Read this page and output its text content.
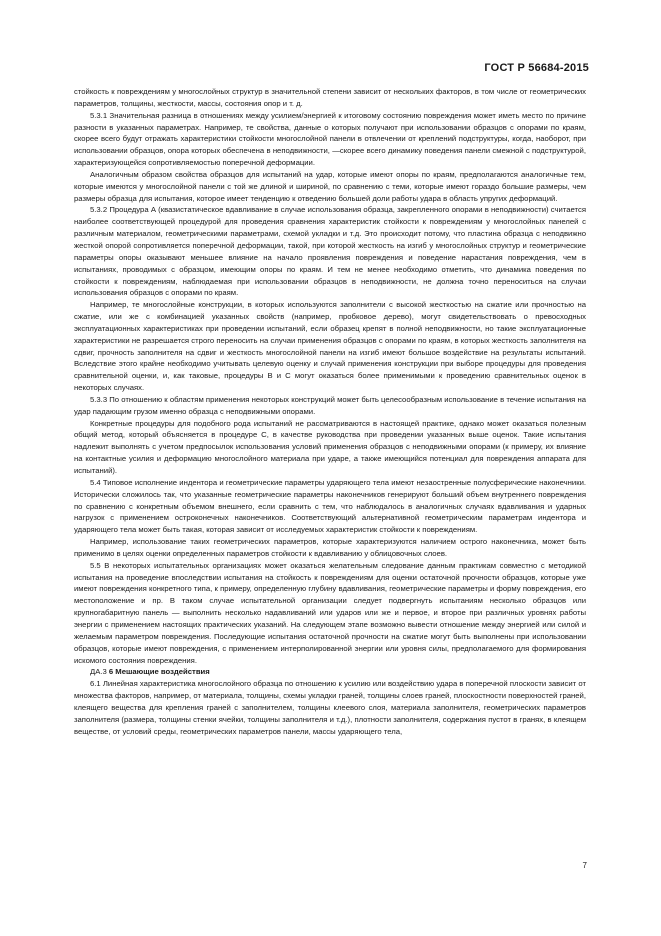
ГОСТ Р 56684-2015

стойкость к повреждениям у многослойных структур в значительной степени зависит от нескольких факторов, в том числе от геометрических параметров, толщины, жесткости, массы, состояния опор и т. д.

5.3.1 Значительная разница в отношениях между усилием/энергией к итоговому состоянию повреждения может иметь место по причине разности в указанных параметрах. Например, те свойства, данные о которых получают при использовании образцов с опорами по краям, скорее всего будут отражать характеристики стойкости многослойной панели в отвлечении от креплений подструктуры, когда, наоборот, при использовании образцов, опора которых обеспечена в неподвижности, —скорее всего динамику поведения панели смежной с подструктурой, характеризующейся сопротивляемостью поперечной деформации.

Аналогичным образом свойства образцов для испытаний на удар, которые имеют опоры по краям, предполагаются аналогичные тем, которые имеются у многослойной панели с той же длиной и шириной, по сравнению с теми, которые имеют гораздо большие размеры, чем размеры образца для испытания, которое имеет тенденцию к отведению большей доли работы удара в область упругих деформаций.

5.3.2 Процедура А (квазистатическое вдавливание в случае использования образца, закрепленного опорами в неподвижности) считается наиболее соответствующей процедурой для проведения сравнения характеристик стойкости к повреждениям у многослойных панелей с различным материалом, геометрическими параметрами, схемой укладки и т.д. Это происходит потому, что пластина образца с неподвижно жесткой опорой сопротивляется поперечной деформации, такой, при которой жесткость на изгиб у многослойных структур и геометрические параметры опоры оказывают меньшее влияние на начало проявления повреждения и поведение нарастания повреждения, чем в испытаниях, проводимых с образцом, имеющим опоры по краям. И тем не менее необходимо отметить, что динамика поведения по стойкости к повреждениям, наблюдаемая при использовании образцов в неподвижности, не должна точно переноситься на случаи использования образцов с опорами по краям.

Например, те многослойные конструкции, в которых используются заполнители с высокой жесткостью на сжатие или прочностью на сжатие, или же с комбинацией указанных свойств (например, пробковое дерево), могут свидетельствовать о превосходных эксплуатационных характеристиках при проведении испытаний, если образец крепят в полной неподвижности, но такие эксплуатационные характеристики не разрешается строго переносить на случаи применения образцов с опорами по краям, в которых жесткость заполнителя на сдвиг, прочность заполнителя на сдвиг и жесткость многослойной панели на изгиб имеют большое воздействие на результаты испытаний. Вследствие этого крайне необходимо учитывать целевую оценку и случай применения конструкции при выборе процедуры для проведения сравнительной оценки, и, как таковые, процедуры В и С могут оказаться более применимыми к проведению сравнительных оценок в некоторых случаях.

5.3.3 По отношению к областям применения некоторых конструкций может быть целесообразным использование в течение испытания на удар падающим грузом именно образца с неподвижными опорами.

Конкретные процедуры для подобного рода испытаний не рассматриваются в настоящей практике, однако может оказаться полезным общий метод, который объясняется в процедуре С, в качестве руководства при проведении указанных выше оценок. Такие испытания надлежит выполнять с учетом предпосылок использования условий применения образцов с неподвижными опорами (к примеру, их влияние на контактные усилия и деформацию многослойного материала при ударе, а также имеющийся потенциал для повреждения аппарата для испытаний).

5.4 Типовое исполнение индентора и геометрические параметры ударяющего тела имеют незаостренные полусферические наконечники. Исторически сложилось так, что указанные геометрические параметры наконечников генерируют больший объем внутреннего повреждения по сравнению с конкретным объемом внешнего, если сравнить с тем, что наблюдалось в аналогичных случаях вдавливания и ударных нагрузок с применением остроконечных наконечников. Соответствующий альтернативной геометрическим параметрам индентора и ударяющего тела может быть такая, которая зависит от исследуемых характеристик стойкости к повреждениям.

Например, использование таких геометрических параметров, которые характеризуются наличием острого наконечника, может быть применимо в целях оценки определенных параметров стойкости к вдавливанию у облицовочных слоев.

5.5 В некоторых испытательных организациях может оказаться желательным следование данным практикам совместно с методикой испытания на проведение впоследствии испытания на стойкость к повреждениям для оценки остаточной прочности образцов, которые уже имеют повреждения конкретного типа, к примеру, определенную глубину вдавливания, геометрические параметры и форму повреждения, его местоположение и пр. В таком случае испытательной организации следует подвергнуть испытаниям несколько образцов или крупногабаритную панель — выполнить несколько надавливаний или ударов или же и первое, и второе при различных уровнях работы энергии с применением настоящих практических указаний. На следующем этапе возможно вывести отношение между энергией или силой и желаемым параметром повреждения. Последующие испытания остаточной прочности на сжатие могут быть выполнены при использовании образцов, которые имеют повреждения, с применением интерполированной энергии или уровня силы, предполагаемого для формирования искомого состояния повреждения.

ДА.3 6 Мешающие воздействия

6.1 Линейная характеристика многослойного образца по отношению к усилию или воздействию удара в поперечной плоскости зависит от множества факторов, например, от материала, толщины, схемы укладки граней, толщины слоев граней, плоскостности поверхностей граней, клеящего вещества для крепления граней с заполнителем, толщины клеевого слоя, материала заполнителя, геометрических параметров заполнителя (размера, толщины стенки ячейки, толщины заполнителя и т.д.), плотности заполнителя, содержания пустот в гранях, в клеящем веществе, от условий среды, геометрических параметров панели, массы ударяющего тела,

7
